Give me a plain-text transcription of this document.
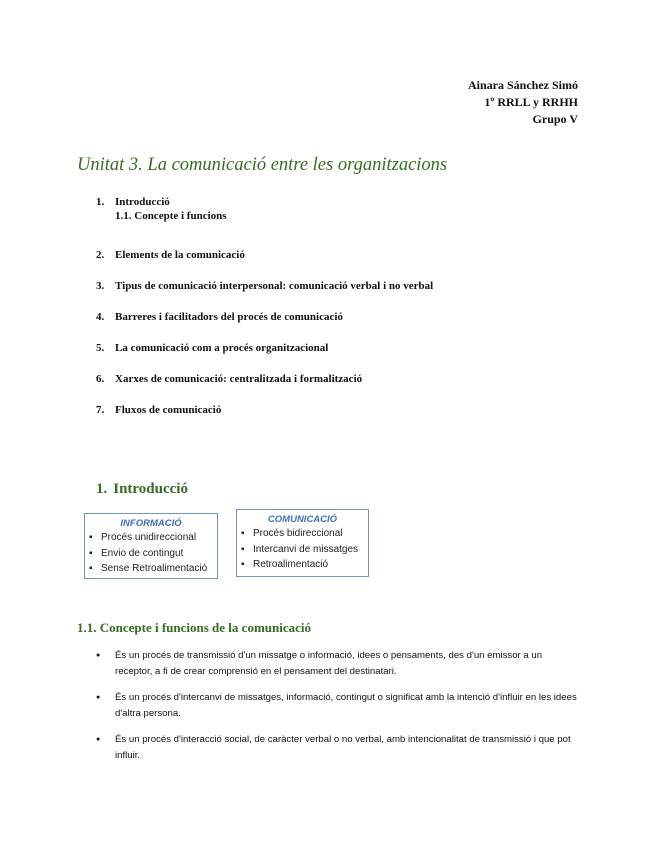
Ainara Sánchez Simó
1º RRLL y RRHH
Grupo V
Unitat 3. La comunicació entre les organitzacions
1. Introducció
1.1. Concepte i funcions
2. Elements de la comunicació
3. Tipus de comunicació interpersonal: comunicació verbal i no verbal
4. Barreres i facilitadors del procés de comunicació
5. La comunicació com a procés organitzacional
6. Xarxes de comunicació: centralitzada i formalització
7. Fluxos de comunicació
1. Introducció
INFORMACIÓ
▪ Procés unidireccional
▪ Envio de contingut
▪ Sense Retroalimentació
COMUNICACIÓ
▪ Procés bidireccional
▪ Intercanvi de missatges
▪ Retroalimentació
1.1. Concepte i funcions de la comunicació
● És un procés de transmissió d'un missatge o informació, idees o pensaments, des d'un emissor a un receptor, a fi de crear comprensió en el pensament del destinatari.
● És un procés d'intercanvi de missatges, informació, contingut o significat amb la intenció d'influir en les idees d'altra persona.
● És un procés d'interacció social, de caràcter verbal o no verbal, amb intencionalitat de transmissió i que pot influir.
